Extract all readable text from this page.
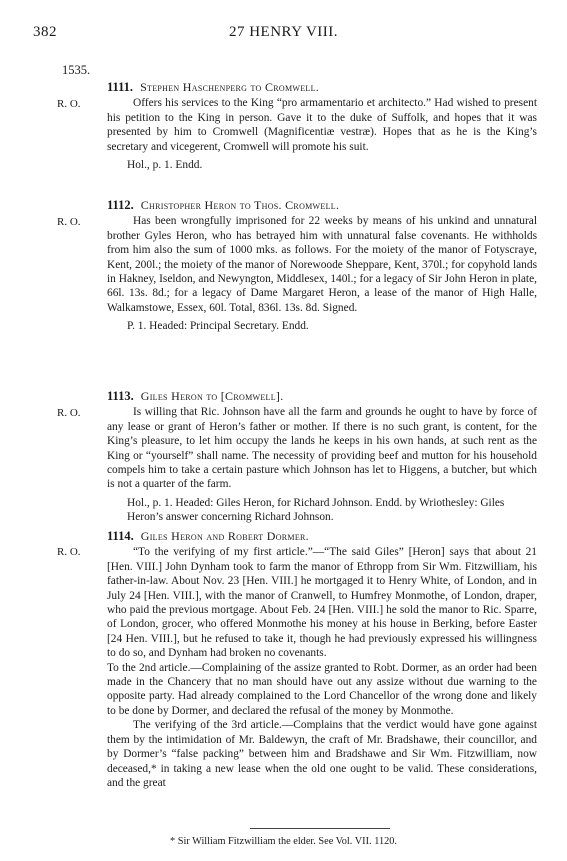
382	27 HENRY VIII.
1535.
R. O.
1111. Stephen Haschenperg to Cromwell.

Offers his services to the King “pro armamentario et architecto.” Had wished to present his petition to the King in person. Gave it to the duke of Suffolk, and hopes that it was presented by him to Cromwell (Magnificentiæ vestræ). Hopes that as he is the King’s secretary and vicegerent, Cromwell will promote his suit.

Hol., p. 1. Endd.

R. O.
1112. Christopher Heron to Thos. Cromwell.

Has been wrongfully imprisoned for 22 weeks by means of his unkind and unnatural brother Gyles Heron, who has betrayed him with unnatural false covenants. He withholds from him also the sum of 1000 mks. as follows. For the moiety of the manor of Fotyscraye, Kent, 200l.; the moiety of the manor of Norewoode Sheppare, Kent, 370l.; for copyhold lands in Hakney, Iseldon, and Newyngton, Middlesex, 140l.; for a legacy of Sir John Heron in plate, 66l. 13s. 8d.; for a legacy of Dame Margaret Heron, a lease of the manor of High Halle, Walkamstowe, Essex, 60l. Total, 836l. 13s. 8d. Signed.

P. 1. Headed: Principal Secretary. Endd.

R. O.
1113. Giles Heron to [Cromwell].

Is willing that Ric. Johnson have all the farm and grounds he ought to have by force of any lease or grant of Heron’s father or mother. If there is no such grant, is content, for the King’s pleasure, to let him occupy the lands he keeps in his own hands, at such rent as the King or “yourself” shall name. The necessity of providing beef and mutton for his household compels him to take a certain pasture which Johnson has let to Higgens, a butcher, but which is not a quarter of the farm.

Hol., p. 1. Headed: Giles Heron, for Richard Johnson. Endd. by Wriothesley: Giles Heron’s answer concerning Richard Johnson.

R. O.
1114. Giles Heron and Robert Dormer.

“To the verifying of my first article.”—“The said Giles” [Heron] says that about 21 [Hen. VIII.] John Dynham took to farm the manor of Ethropp from Sir Wm. Fitzwilliam, his father-in-law. About Nov. 23 [Hen. VIII.] he mortgaged it to Henry White, of London, and in July 24 [Hen. VIII.], with the manor of Cranwell, to Humfrey Monmothe, of London, draper, who paid the previous mortgage. About Feb. 24 [Hen. VIII.] he sold the manor to Ric. Sparre, of London, grocer, who offered Monmothe his money at his house in Berking, before Easter [24 Hen. VIII.], but he refused to take it, though he had previously expressed his willingness to do so, and Dynham had broken no covenants.

To the 2nd article.—Complaining of the assize granted to Robt. Dormer, as an order had been made in the Chancery that no man should have out any assize without due warning to the opposite party. Had already complained to the Lord Chancellor of the wrong done and likely to be done by Dormer, and declared the refusal of the money by Monmothe.

The verifying of the 3rd article.—Complains that the verdict would have gone against them by the intimidation of Mr. Baldewyn, the craft of Mr. Bradshawe, their councillor, and by Dormer’s “false packing” between him and Bradshawe and Sir Wm. Fitzwilliam, now deceased,* in taking a new lease when the old one ought to be valid. These considerations, and the great

* Sir William Fitzwilliam the elder. See Vol. VII. 1120.
